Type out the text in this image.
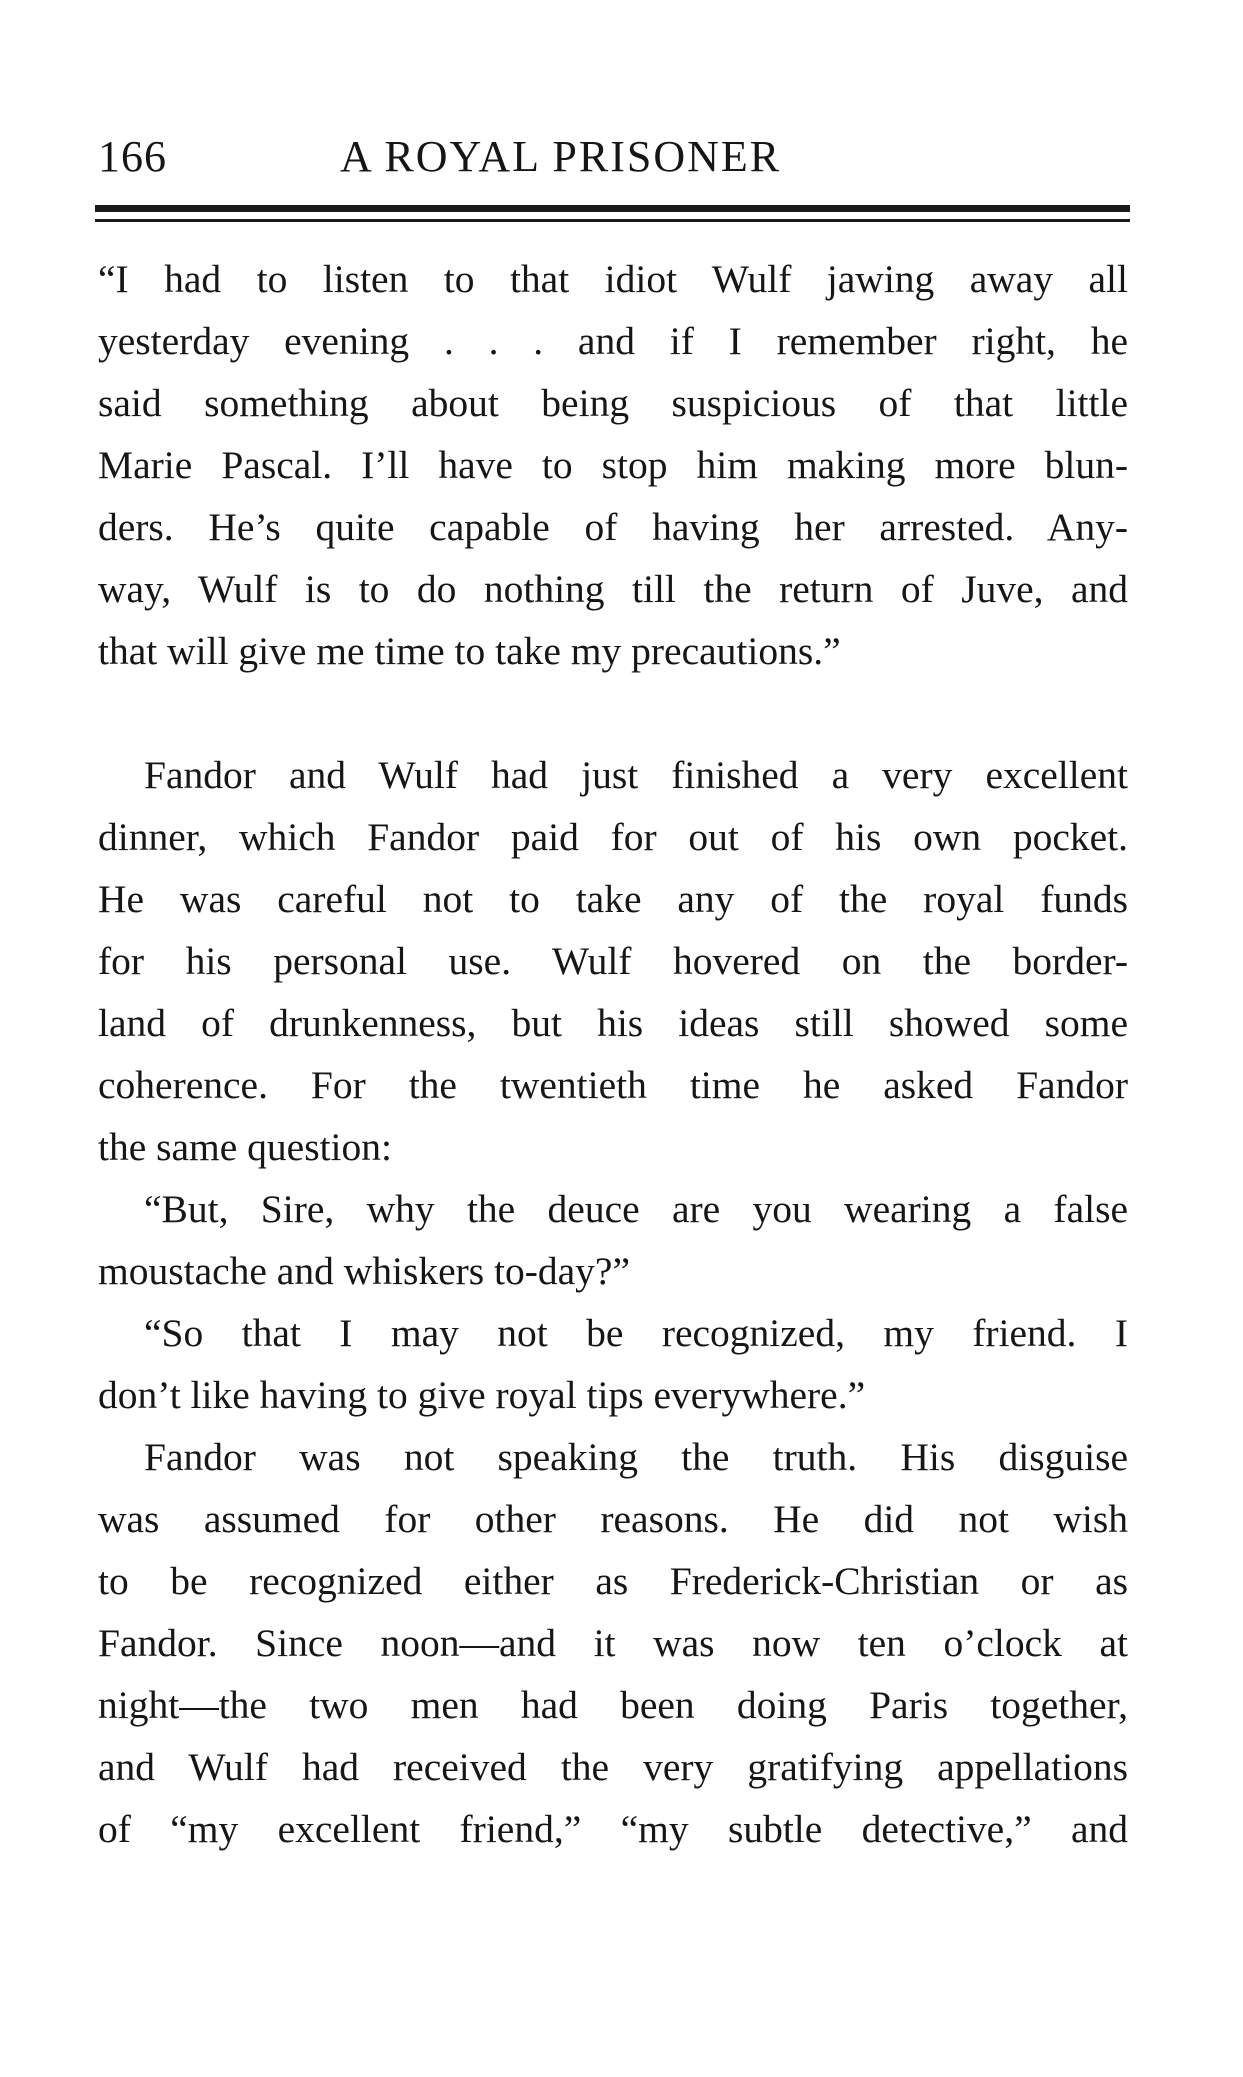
166	A ROYAL PRISONER
“I had to listen to that idiot Wulf jawing away all
yesterday evening . . . and if I remember right, he
said something about being suspicious of that little
Marie Pascal. I’ll have to stop him making more blun-
ders. He’s quite capable of having her arrested. Any-
way, Wulf is to do nothing till the return of Juve, and
that will give me time to take my precautions.”
Fandor and Wulf had just finished a very excellent
dinner, which Fandor paid for out of his own pocket.
He was careful not to take any of the royal funds
for his personal use. Wulf hovered on the border-
land of drunkenness, but his ideas still showed some
coherence. For the twentieth time he asked Fandor
the same question:
“But, Sire, why the deuce are you wearing a false
moustache and whiskers to-day?”
“So that I may not be recognized, my friend. I
don’t like having to give royal tips everywhere.”
Fandor was not speaking the truth. His disguise
was assumed for other reasons. He did not wish
to be recognized either as Frederick-Christian or as
Fandor. Since noon—and it was now ten o’clock at
night—the two men had been doing Paris together,
and Wulf had received the very gratifying appellations
of “my excellent friend,” “my subtle detective,” and
